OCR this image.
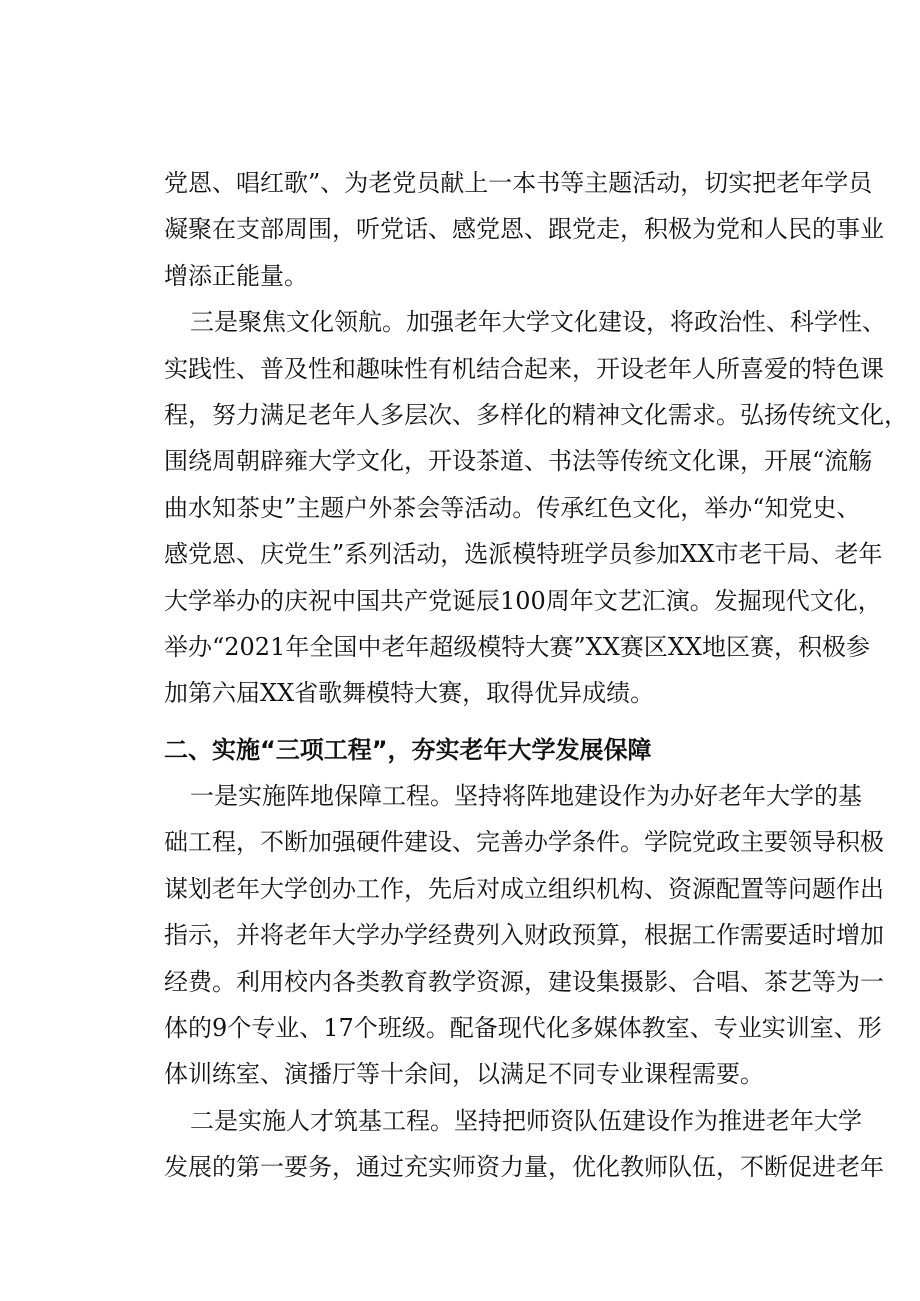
党恩、唱红歌”、为老党员献上一本书等主题活动，切实把老年学员
凝聚在支部周围，听党话、感党恩、跟党走，积极为党和人民的事业
增添正能量。
三是聚焦文化领航。加强老年大学文化建设，将政治性、科学性、
实践性、普及性和趣味性有机结合起来，开设老年人所喜爱的特色课
程，努力满足老年人多层次、多样化的精神文化需求。弘扬传统文化，
围绕周朝辟雍大学文化，开设茶道、书法等传统文化课，开展“流觞
曲水知茶史”主题户外茶会等活动。传承红色文化，举办“知党史、
感党恩、庆党生”系列活动，选派模特班学员参加XX市老干局、老年
大学举办的庆祝中国共产党诞辰100周年文艺汇演。发掘现代文化，
举办“2021年全国中老年超级模特大赛”XX赛区XX地区赛，积极参
加第六届XX省歌舞模特大赛，取得优异成绩。
二、实施“三项工程”，夯实老年大学发展保障
一是实施阵地保障工程。坚持将阵地建设作为办好老年大学的基
础工程，不断加强硬件建设、完善办学条件。学院党政主要领导积极
谋划老年大学创办工作，先后对成立组织机构、资源配置等问题作出
指示，并将老年大学办学经费列入财政预算，根据工作需要适时增加
经费。利用校内各类教育教学资源，建设集摄影、合唱、茶艺等为一
体的9个专业、17个班级。配备现代化多媒体教室、专业实训室、形
体训练室、演播厅等十余间，以满足不同专业课程需要。
二是实施人才筑基工程。坚持把师资队伍建设作为推进老年大学
发展的第一要务，通过充实师资力量，优化教师队伍，不断促进老年
